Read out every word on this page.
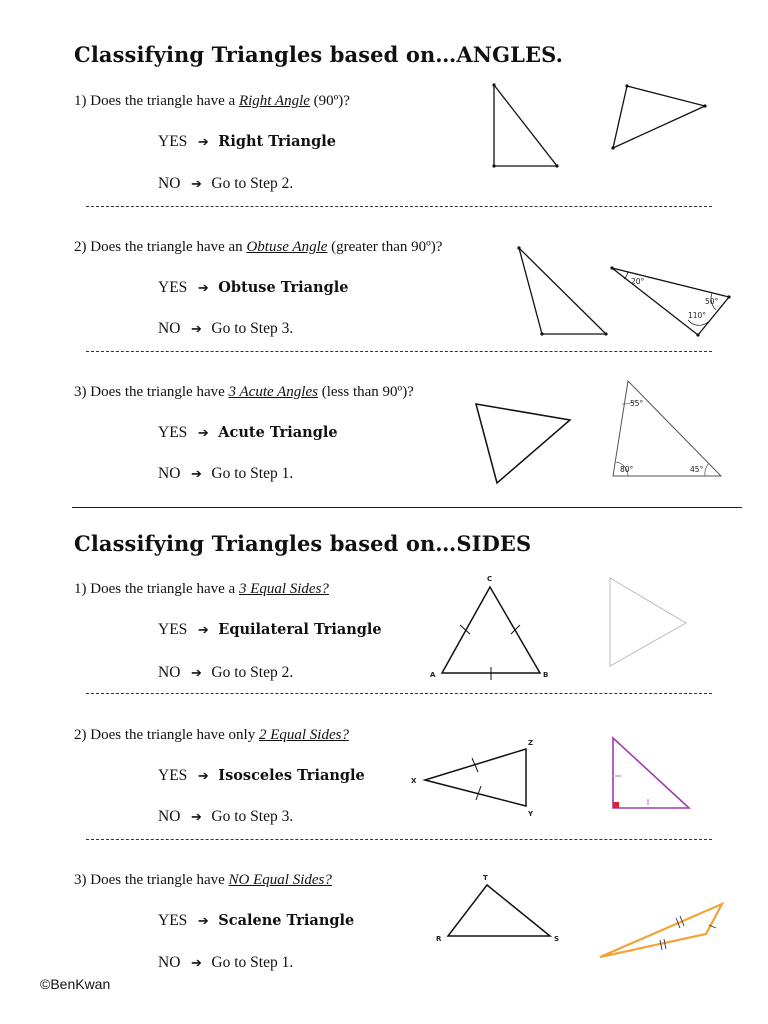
Classifying Triangles based on…ANGLES.
1) Does the triangle have a Right Angle (90º)?
YES ➔ Right Triangle
NO ➔ Go to Step 2.
2) Does the triangle have an Obtuse Angle (greater than 90º)?
YES ➔ Obtuse Triangle
NO ➔ Go to Step 3.
20°
50°
110°
3) Does the triangle have 3 Acute Angles (less than 90º)?
YES ➔ Acute Triangle
NO ➔ Go to Step 1.
55°
80°	45°
Classifying Triangles based on…SIDES
1) Does the triangle have a 3 Equal Sides?
YES ➔ Equilateral Triangle
NO ➔ Go to Step 2.
C
A	B
2) Does the triangle have only 2 Equal Sides?
YES ➔ Isosceles Triangle
NO ➔ Go to Step 3.
Z
X
Y
3) Does the triangle have NO Equal Sides?
YES ➔ Scalene Triangle
NO ➔ Go to Step 1.
T
R	S
©BenKwan
